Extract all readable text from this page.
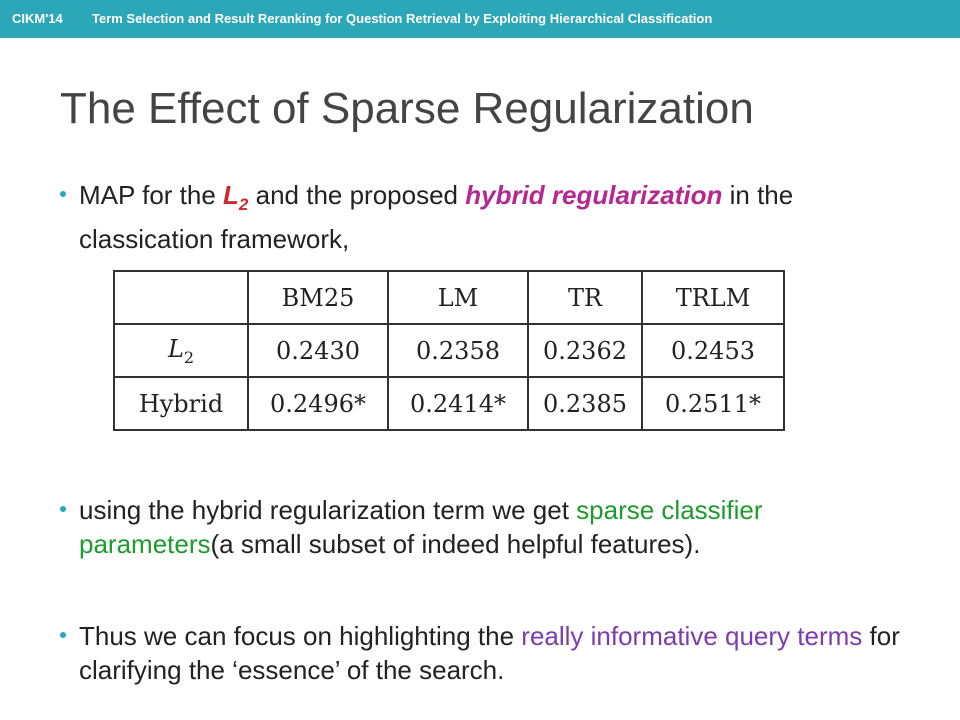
CIKM'14 Term Selection and Result Reranking for Question Retrieval by Exploiting Hierarchical Classification
The Effect of Sparse Regularization
MAP for the $L_2$ and the proposed hybrid regularization in the classication framework,
	BM25	LM	TR	TRLM
$L_2$	0.2430	0.2358	0.2362	0.2453
Hybrid	0.2496*	0.2414*	0.2385	0.2511*
using the hybrid regularization term we get sparse classifier parameters(a small subset of indeed helpful features).
Thus we can focus on highlighting the really informative query terms for clarifying the ‘essence’ of the search.
